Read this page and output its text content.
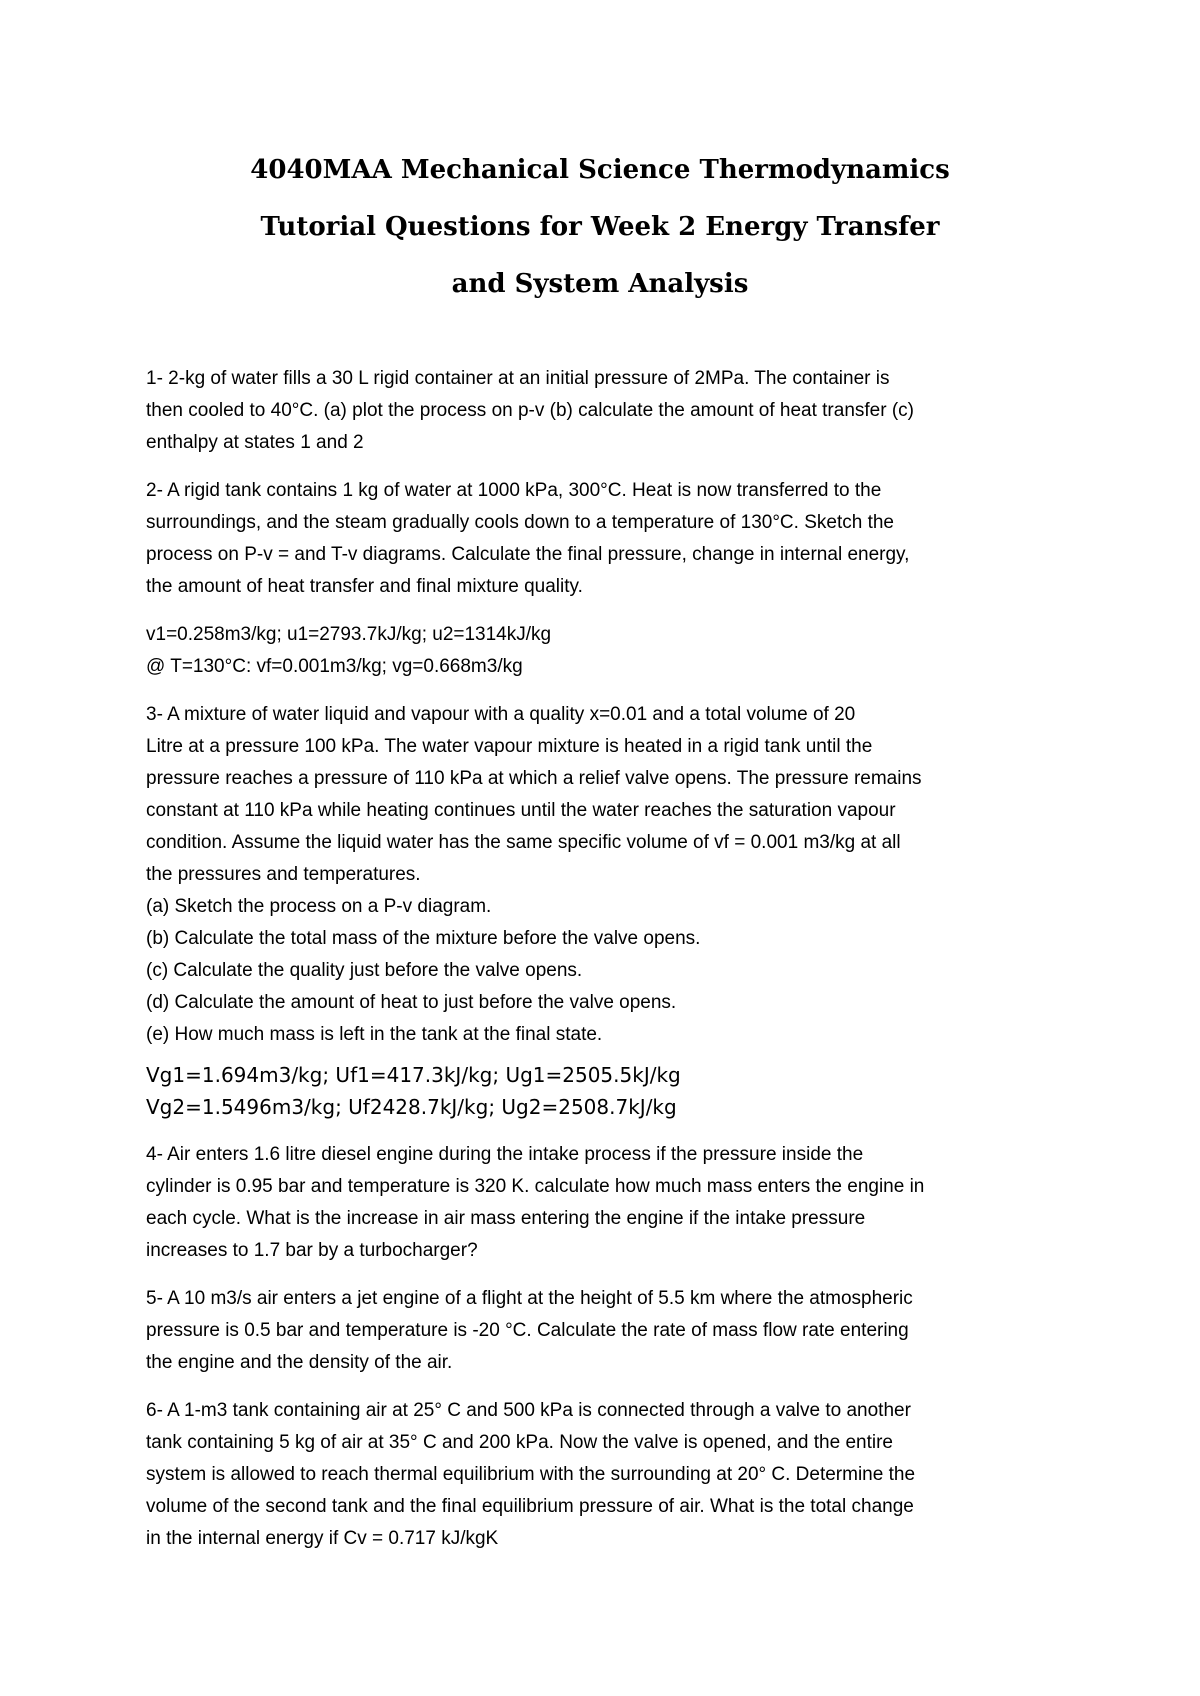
4040MAA Mechanical Science Thermodynamics
Tutorial Questions for Week 2 Energy Transfer
and System Analysis
1- 2-kg of water fills a 30 L rigid container at an initial pressure of 2MPa. The container is
then cooled to 40°C. (a) plot the process on p-v (b) calculate the amount of heat transfer (c)
enthalpy at states 1 and 2
2- A rigid tank contains 1 kg of water at 1000 kPa, 300°C. Heat is now transferred to the
surroundings, and the steam gradually cools down to a temperature of 130°C. Sketch the
process on P-v = and T-v diagrams. Calculate the final pressure, change in internal energy,
the amount of heat transfer and final mixture quality.
v1=0.258m3/kg; u1=2793.7kJ/kg; u2=1314kJ/kg
@ T=130°C: vf=0.001m3/kg; vg=0.668m3/kg
3- A mixture of water liquid and vapour with a quality x=0.01 and a total volume of 20
Litre at a pressure 100 kPa. The water vapour mixture is heated in a rigid tank until the
pressure reaches a pressure of 110 kPa at which a relief valve opens. The pressure remains
constant at 110 kPa while heating continues until the water reaches the saturation vapour
condition. Assume the liquid water has the same specific volume of vf = 0.001 m3/kg at all
the pressures and temperatures.
(a) Sketch the process on a P-v diagram.
(b) Calculate the total mass of the mixture before the valve opens.
(c) Calculate the quality just before the valve opens.
(d) Calculate the amount of heat to just before the valve opens.
(e) How much mass is left in the tank at the final state.
Vg1=1.694m3/kg; Uf1=417.3kJ/kg; Ug1=2505.5kJ/kg
Vg2=1.5496m3/kg; Uf2428.7kJ/kg; Ug2=2508.7kJ/kg
4- Air enters 1.6 litre diesel engine during the intake process if the pressure inside the
cylinder is 0.95 bar and temperature is 320 K. calculate how much mass enters the engine in
each cycle. What is the increase in air mass entering the engine if the intake pressure
increases to 1.7 bar by a turbocharger?
5- A 10 m3/s air enters a jet engine of a flight at the height of 5.5 km where the atmospheric
pressure is 0.5 bar and temperature is -20 °C. Calculate the rate of mass flow rate entering
the engine and the density of the air.
6- A 1-m3 tank containing air at 25° C and 500 kPa is connected through a valve to another
tank containing 5 kg of air at 35° C and 200 kPa. Now the valve is opened, and the entire
system is allowed to reach thermal equilibrium with the surrounding at 20° C. Determine the
volume of the second tank and the final equilibrium pressure of air. What is the total change
in the internal energy if Cv = 0.717 kJ/kgK
